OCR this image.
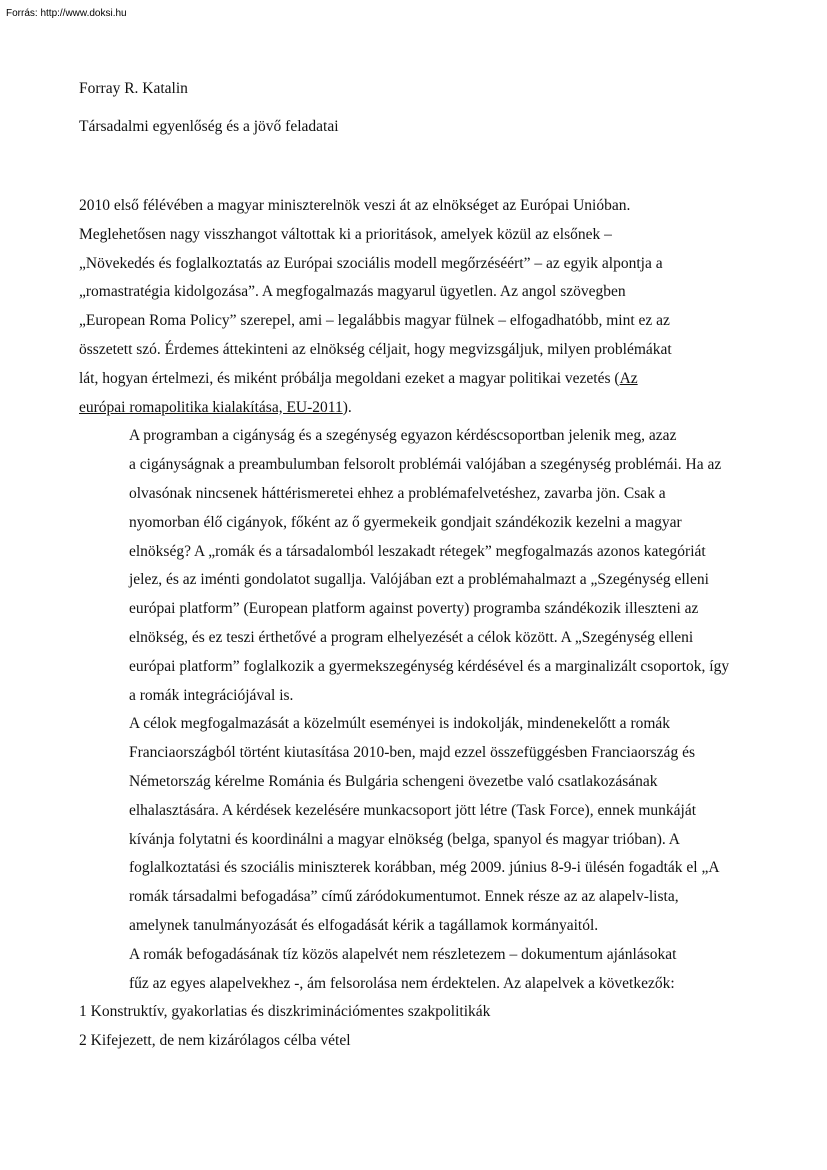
Forrás: http://www.doksi.hu
Forray R. Katalin
Társadalmi egyenlőség és a jövő feladatai

2010 első félévében a magyar miniszterelnök veszi át az elnökséget az Európai Unióban.
Meglehetősen nagy visszhangot váltottak ki a prioritások, amelyek közül az elsőnek –
„Növekedés és foglalkoztatás az Európai szociális modell megőrzéséért” – az egyik alpontja a
„romastratégia kidolgozása”. A megfogalmazás magyarul ügyetlen. Az angol szövegben
„European Roma Policy” szerepel, ami – legalábbis magyar fülnek – elfogadhatóbb, mint ez az
összetett szó. Érdemes áttekinteni az elnökség céljait, hogy megvizsgáljuk, milyen problémákat
lát, hogyan értelmezi, és miként próbálja megoldani ezeket a magyar politikai vezetés (Az
európai romapolitika kialakítása, EU-2011).

A programban a cigányság és a szegénység egyazon kérdéscsoportban jelenik meg, azaz
a cigányságnak a preambulumban felsorolt problémái valójában a szegénység problémái. Ha az
olvasónak nincsenek háttérismeretei ehhez a problémafelvetéshez, zavarba jön. Csak a
nyomorban élő cigányok, főként az ő gyermekeik gondjait szándékozik kezelni a magyar
elnökség? A „romák és a társadalomból leszakadt rétegek” megfogalmazás azonos kategóriát
jelez, és az iménti gondolatot sugallja. Valójában ezt a problémahalmazt a „Szegénység elleni
európai platform” (European platform against poverty) programba szándékozik illeszteni az
elnökség, és ez teszi érthetővé a program elhelyezését a célok között. A „Szegénység elleni
európai platform” foglalkozik a gyermekszegénység kérdésével és a marginalizált csoportok, így
a romák integrációjával is.

A célok megfogalmazását a közelmúlt eseményei is indokolják, mindenekelőtt a romák
Franciaországból történt kiutasítása 2010-ben, majd ezzel összefüggésben Franciaország és
Németország kérelme Románia és Bulgária schengeni övezetbe való csatlakozásának
elhalasztására. A kérdések kezelésére munkacsoport jött létre (Task Force), ennek munkáját
kívánja folytatni és koordinálni a magyar elnökség (belga, spanyol és magyar trióban). A
foglalkoztatási és szociális miniszterek korábban, még 2009. június 8-9-i ülésén fogadták el „A
romák társadalmi befogadása” című záródokumentumot. Ennek része az az alapelv-lista,
amelynek tanulmányozását és elfogadását kérik a tagállamok kormányaitól.

A romák befogadásának tíz közös alapelvét nem részletezem – dokumentum ajánlásokat
fűz az egyes alapelvekhez -, ám felsorolása nem érdektelen. Az alapelvek a következők:

1 Konstruktív, gyakorlatias és diszkriminációmentes szakpolitikák
2 Kifejezett, de nem kizárólagos célba vétel
